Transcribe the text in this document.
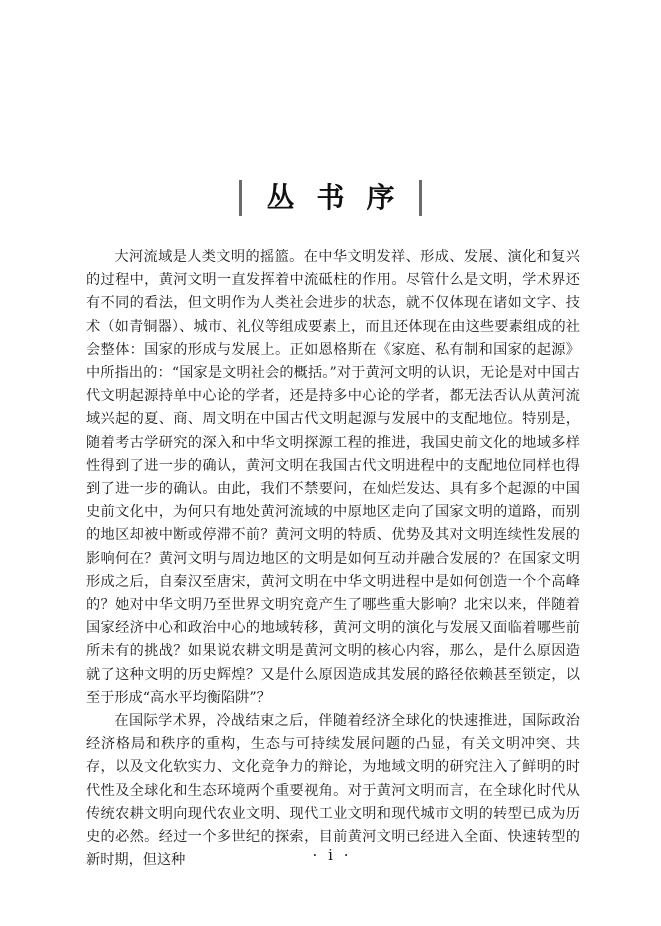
丛书序

大河流域是人类文明的摇篮。在中华文明发祥、形成、发展、演化和复兴的过程中，黄河文明一直发挥着中流砥柱的作用。尽管什么是文明，学术界还有不同的看法，但文明作为人类社会进步的状态，就不仅体现在诸如文字、技术（如青铜器）、城市、礼仪等组成要素上，而且还体现在由这些要素组成的社会整体：国家的形成与发展上。正如恩格斯在《家庭、私有制和国家的起源》中所指出的：“国家是文明社会的概括。”对于黄河文明的认识，无论是对中国古代文明起源持单中心论的学者，还是持多中心论的学者，都无法否认从黄河流域兴起的夏、商、周文明在中国古代文明起源与发展中的支配地位。特别是，随着考古学研究的深入和中华文明探源工程的推进，我国史前文化的地域多样性得到了进一步的确认，黄河文明在我国古代文明进程中的支配地位同样也得到了进一步的确认。由此，我们不禁要问，在灿烂发达、具有多个起源的中国史前文化中，为何只有地处黄河流域的中原地区走向了国家文明的道路，而别的地区却被中断或停滞不前？黄河文明的特质、优势及其对文明连续性发展的影响何在？黄河文明与周边地区的文明是如何互动并融合发展的？在国家文明形成之后，自秦汉至唐宋，黄河文明在中华文明进程中是如何创造一个个高峰的？她对中华文明乃至世界文明究竟产生了哪些重大影响？北宋以来，伴随着国家经济中心和政治中心的地域转移，黄河文明的演化与发展又面临着哪些前所未有的挑战？如果说农耕文明是黄河文明的核心内容，那么，是什么原因造就了这种文明的历史辉煌？又是什么原因造成其发展的路径依赖甚至锁定，以至于形成“高水平均衡陷阱”？

在国际学术界，冷战结束之后，伴随着经济全球化的快速推进，国际政治经济格局和秩序的重构，生态与可持续发展问题的凸显，有关文明冲突、共存，以及文化软实力、文化竞争力的辩论，为地域文明的研究注入了鲜明的时代性及全球化和生态环境两个重要视角。对于黄河文明而言，在全球化时代从传统农耕文明向现代农业文明、现代工业文明和现代城市文明的转型已成为历史的必然。经过一个多世纪的探索，目前黄河文明已经进入全面、快速转型的新时期，但这种	· i ·
